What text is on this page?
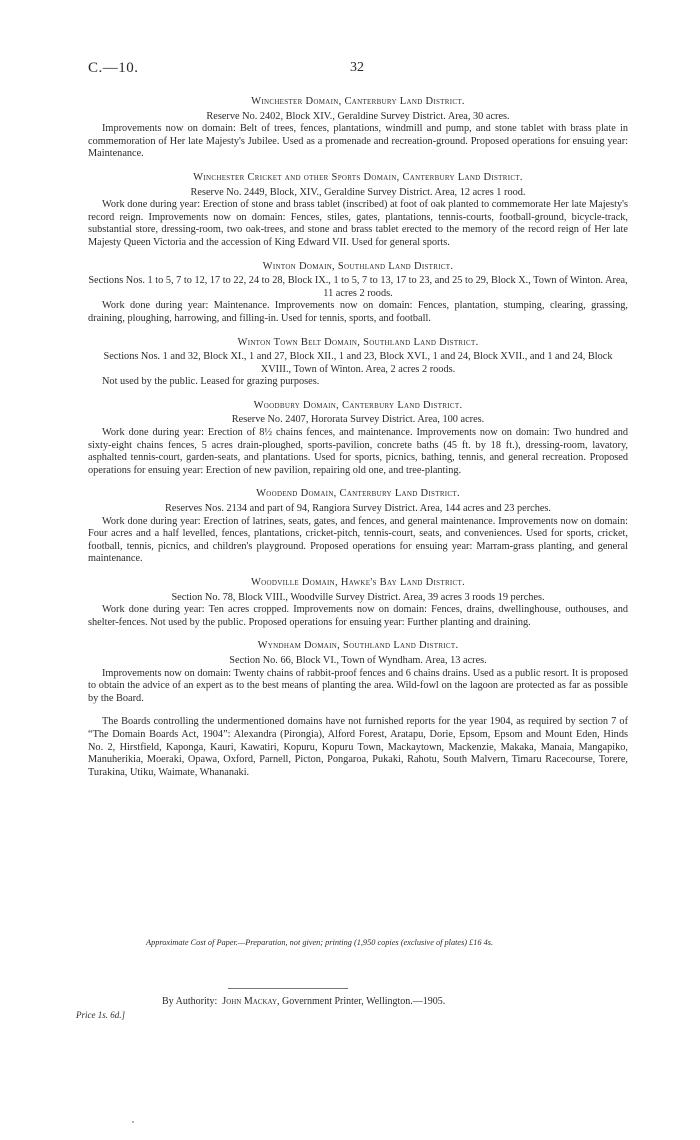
C.—10.	32

Winchester Domain, Canterbury Land District.

Reserve No. 2402, Block XIV., Geraldine Survey District. Area, 30 acres.

Improvements now on domain: Belt of trees, fences, plantations, windmill and pump, and stone tablet with brass plate in commemoration of Her late Majesty's Jubilee. Used as a promenade and recreation-ground. Proposed operations for ensuing year: Maintenance.

Winchester Cricket and other Sports Domain, Canterbury Land District.

Reserve No. 2449, Block, XIV., Geraldine Survey District. Area, 12 acres 1 rood.

Work done during year: Erection of stone and brass tablet (inscribed) at foot of oak planted to commemorate Her late Majesty's record reign. Improvements now on domain: Fences, stiles, gates, plantations, tennis-courts, football-ground, bicycle-track, substantial store, dressing-room, two oak-trees, and stone and brass tablet erected to the memory of the record reign of Her late Majesty Queen Victoria and the accession of King Edward VII. Used for general sports.

Winton Domain, Southland Land District.

Sections Nos. 1 to 5, 7 to 12, 17 to 22, 24 to 28, Block IX., 1 to 5, 7 to 13, 17 to 23, and 25 to 29, Block X., Town of Winton. Area, 11 acres 2 roods.

Work done during year: Maintenance. Improvements now on domain: Fences, plantation, stumping, clearing, grassing, draining, ploughing, harrowing, and filling-in. Used for tennis, sports, and football.

Winton Town Belt Domain, Southland Land District.

Sections Nos. 1 and 32, Block XI., 1 and 27, Block XII., 1 and 23, Block XVI., 1 and 24, Block XVII., and 1 and 24, Block XVIII., Town of Winton. Area, 2 acres 2 roods.

Not used by the public. Leased for grazing purposes.

Woodbury Domain, Canterbury Land District.

Reserve No. 2407, Hororata Survey District. Area, 100 acres.

Work done during year: Erection of 8½ chains fences, and maintenance. Improvements now on domain: Two hundred and sixty-eight chains fences, 5 acres drain-ploughed, sports-pavilion, concrete baths (45 ft. by 18 ft.), dressing-room, lavatory, asphalted tennis-court, garden-seats, and plantations. Used for sports, picnics, bathing, tennis, and general recreation. Proposed operations for ensuing year: Erection of new pavilion, repairing old one, and tree-planting.

Woodend Domain, Canterbury Land District.

Reserves Nos. 2134 and part of 94, Rangiora Survey District. Area, 144 acres and 23 perches.

Work done during year: Erection of latrines, seats, gates, and fences, and general maintenance. Improvements now on domain: Four acres and a half levelled, fences, plantations, cricket-pitch, tennis-court, seats, and conveniences. Used for sports, cricket, football, tennis, picnics, and children's playground. Proposed operations for ensuing year: Marram-grass planting, and general maintenance.

Woodville Domain, Hawke's Bay Land District.

Section No. 78, Block VIII., Woodville Survey District. Area, 39 acres 3 roods 19 perches.

Work done during year: Ten acres cropped. Improvements now on domain: Fences, drains, dwellinghouse, outhouses, and shelter-fences. Not used by the public. Proposed operations for ensuing year: Further planting and draining.

Wyndham Domain, Southland Land District.

Section No. 66, Block VI., Town of Wyndham. Area, 13 acres.

Improvements now on domain: Twenty chains of rabbit-proof fences and 6 chains drains. Used as a public resort. It is proposed to obtain the advice of an expert as to the best means of planting the area. Wild-fowl on the lagoon are protected as far as possible by the Board.

The Boards controlling the undermentioned domains have not furnished reports for the year 1904, as required by section 7 of “The Domain Boards Act, 1904”: Alexandra (Pirongia), Alford Forest, Aratapu, Dorie, Epsom, Epsom and Mount Eden, Hinds No. 2, Hirstfield, Kaponga, Kauri, Kawatiri, Kopuru, Kopuru Town, Mackaytown, Mackenzie, Makaka, Manaia, Mangapiko, Manuherikia, Moeraki, Opawa, Oxford, Parnell, Picton, Pongaroa, Pukaki, Rahotu, South Malvern, Timaru Racecourse, Torere, Turakina, Utiku, Waimate, Whananaki.

Approximate Cost of Paper.—Preparation, not given; printing (1,950 copies (exclusive of plates) £16 4s.
By Authority: John Mackay, Government Printer, Wellington.—1905.
Price 1s. 6d.]
